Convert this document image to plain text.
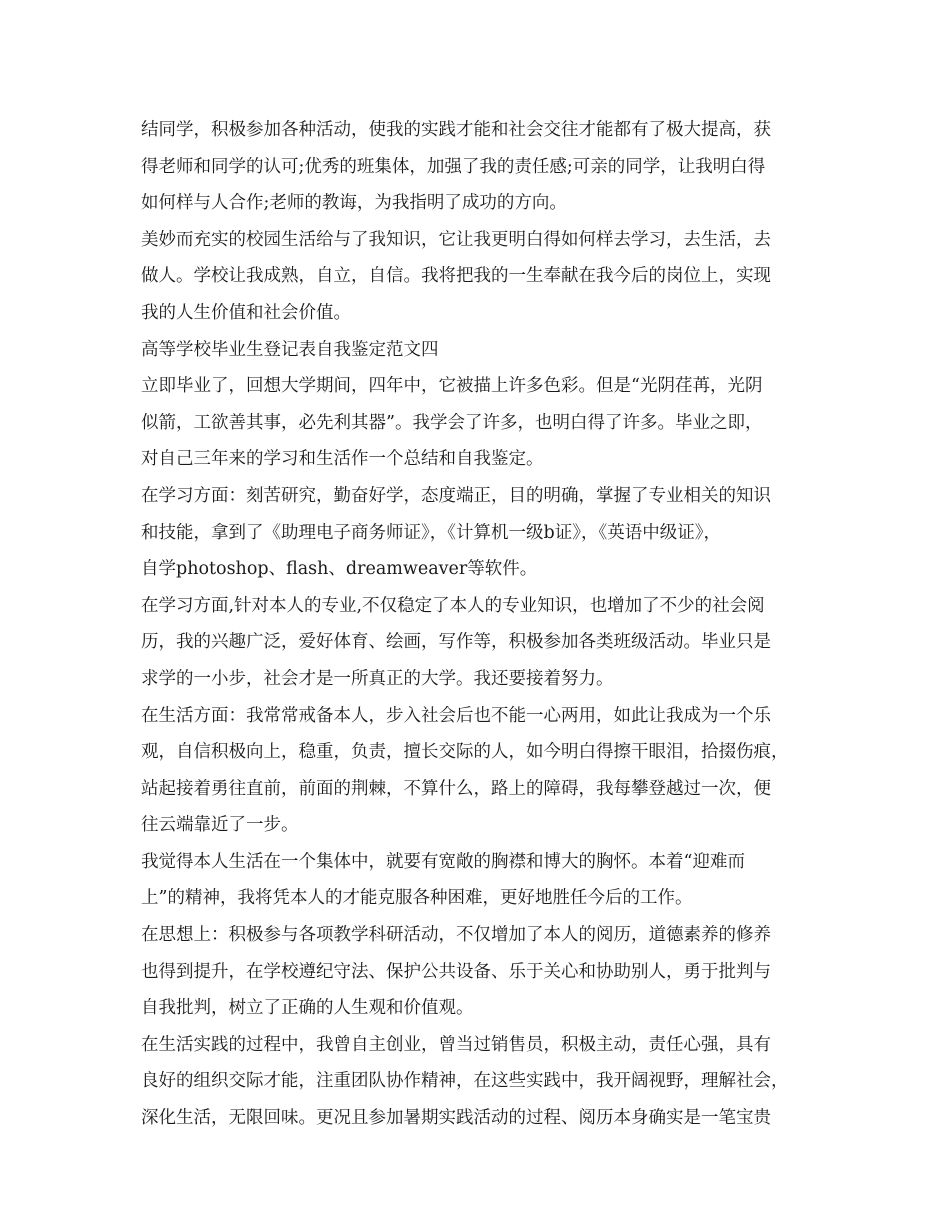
结同学，积极参加各种活动，使我的实践才能和社会交往才能都有了极大提高，获
得老师和同学的认可;优秀的班集体，加强了我的责任感;可亲的同学，让我明白得
如何样与人合作;老师的教诲，为我指明了成功的方向。

美妙而充实的校园生活给与了我知识，它让我更明白得如何样去学习，去生活，去
做人。学校让我成熟，自立，自信。我将把我的一生奉献在我今后的岗位上，实现
我的人生价值和社会价值。

高等学校毕业生登记表自我鉴定范文四

立即毕业了，回想大学期间，四年中，它被描上许多色彩。但是“光阴荏苒，光阴
似箭，工欲善其事，必先利其器”。我学会了许多，也明白得了许多。毕业之即，
对自己三年来的学习和生活作一个总结和自我鉴定。

在学习方面：刻苦研究，勤奋好学，态度端正，目的明确，掌握了专业相关的知识
和技能，拿到了《助理电子商务师证》，《计算机一级b证》，《英语中级证》，
自学photoshop、flash、dreamweaver等软件。

在学习方面,针对本人的专业,不仅稳定了本人的专业知识，也增加了不少的社会阅
历，我的兴趣广泛，爱好体育、绘画，写作等，积极参加各类班级活动。毕业只是
求学的一小步，社会才是一所真正的大学。我还要接着努力。

在生活方面：我常常戒备本人，步入社会后也不能一心两用，如此让我成为一个乐
观，自信积极向上，稳重，负责，擅长交际的人，如今明白得擦干眼泪，拾掇伤痕，
站起接着勇往直前，前面的荆棘，不算什么，路上的障碍，我每攀登越过一次，便
往云端靠近了一步。

我觉得本人生活在一个集体中，就要有宽敞的胸襟和博大的胸怀。本着“迎难而
上”的精神，我将凭本人的才能克服各种困难，更好地胜任今后的工作。

在思想上：积极参与各项教学科研活动，不仅增加了本人的阅历，道德素养的修养
也得到提升，在学校遵纪守法、保护公共设备、乐于关心和协助别人，勇于批判与
自我批判，树立了正确的人生观和价值观。

在生活实践的过程中，我曾自主创业，曾当过销售员，积极主动，责任心强，具有
良好的组织交际才能，注重团队协作精神，在这些实践中，我开阔视野，理解社会，
深化生活，无限回味。更况且参加暑期实践活动的过程、阅历本身确实是一笔宝贵
